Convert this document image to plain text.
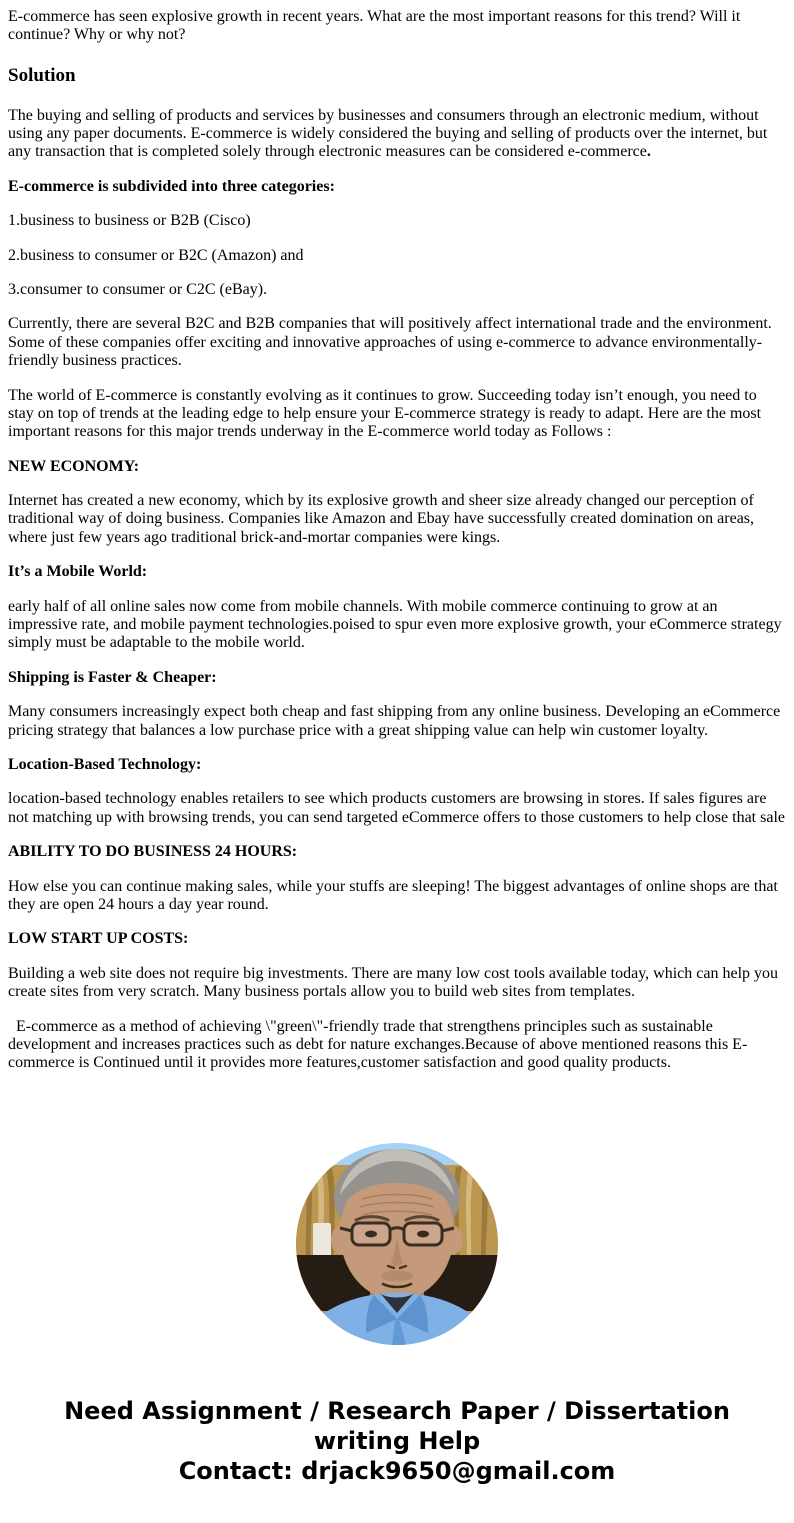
E-commerce has seen explosive growth in recent years. What are the most important reasons for this trend? Will it continue? Why or why not?

Solution

The buying and selling of products and services by businesses and consumers through an electronic medium, without using any paper documents. E-commerce is widely considered the buying and selling of products over the internet, but any transaction that is completed solely through electronic measures can be considered e-commerce.

E-commerce is subdivided into three categories:

1.business to business or B2B (Cisco)

2.business to consumer or B2C (Amazon) and

3.consumer to consumer or C2C (eBay).

Currently, there are several B2C and B2B companies that will positively affect international trade and the environment. Some of these companies offer exciting and innovative approaches of using e-commerce to advance environmentally-friendly business practices.

The world of E-commerce is constantly evolving as it continues to grow. Succeeding today isn’t enough, you need to stay on top of trends at the leading edge to help ensure your E-commerce strategy is ready to adapt. Here are the most important reasons for this major trends underway in the E-commerce world today as Follows :

NEW ECONOMY:

Internet has created a new economy, which by its explosive growth and sheer size already changed our perception of traditional way of doing business. Companies like Amazon and Ebay have successfully created domination on areas, where just few years ago traditional brick-and-mortar companies were kings.

It’s a Mobile World:

early half of all online sales now come from mobile channels. With mobile commerce continuing to grow at an impressive rate, and mobile payment technologies.poised to spur even more explosive growth, your eCommerce strategy simply must be adaptable to the mobile world.

Shipping is Faster & Cheaper:

Many consumers increasingly expect both cheap and fast shipping from any online business. Developing an eCommerce pricing strategy that balances a low purchase price with a great shipping value can help win customer loyalty.

Location-Based Technology:

location-based technology enables retailers to see which products customers are browsing in stores. If sales figures are not matching up with browsing trends, you can send targeted eCommerce offers to those customers to help close that sale

ABILITY TO DO BUSINESS 24 HOURS:

How else you can continue making sales, while your stuffs are sleeping! The biggest advantages of online shops are that they are open 24 hours a day year round.

LOW START UP COSTS:

Building a web site does not require big investments. There are many low cost tools available today, which can help you create sites from very scratch. Many business portals allow you to build web sites from templates.

E-commerce as a method of achieving \"green\"-friendly trade that strengthens principles such as sustainable development and increases practices such as debt for nature exchanges.Because of above mentioned reasons this E-commerce is Continued until it provides more features,customer satisfaction and good quality products.

Need Assignment / Research Paper / Dissertation
writing Help
Contact: drjack9650@gmail.com
